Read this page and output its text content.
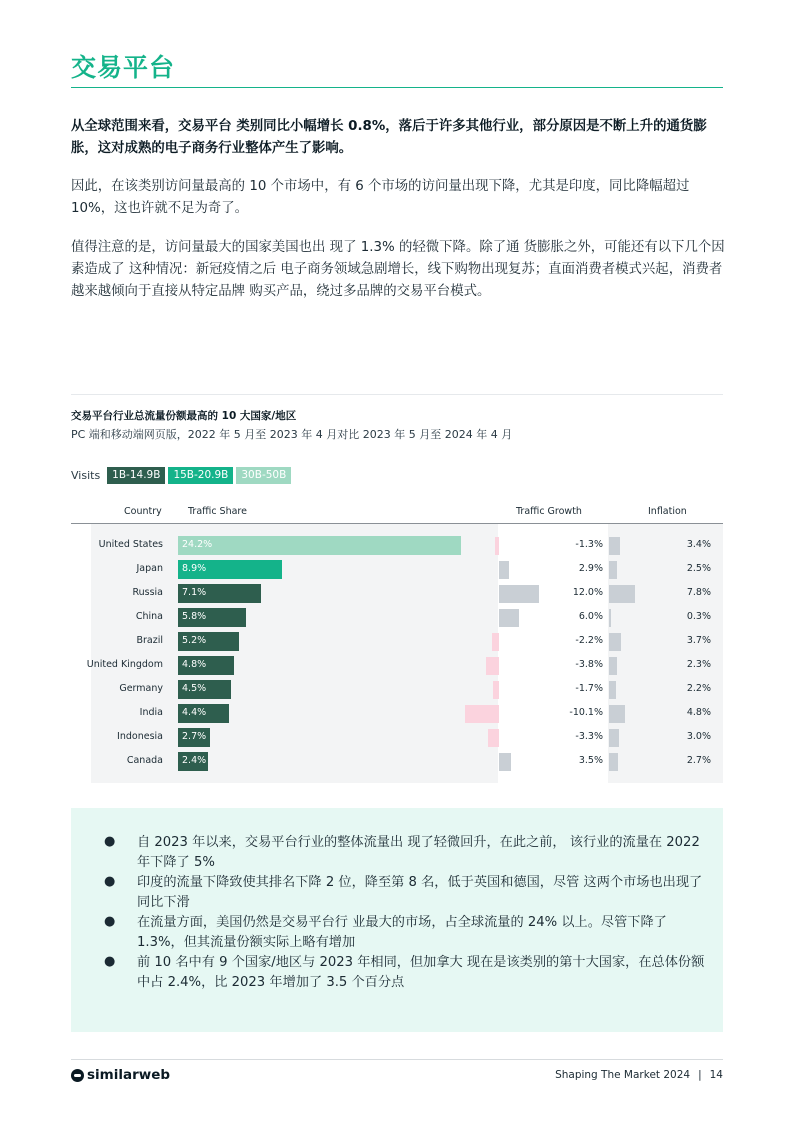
交易平台
从全球范围来看，交易平台 类别同比小幅增长 0.8%，落后于许多其他行业，部分原因是不断上升的通货膨胀，这对成熟的电子商务行业整体产生了影响。
因此，在该类别访问量最高的 10 个市场中，有 6 个市场的访问量出现下降，尤其是印度，同比降幅超过 10%，这也许就不足为奇了。
值得注意的是，访问量最大的国家美国也出 现了 1.3% 的轻微下降。除了通 货膨胀之外，可能还有以下几个因素造成了 这种情况：新冠疫情之后 电子商务领域急剧增长，线下购物出现复苏；直面消费者模式兴起，消费者越来越倾向于直接从特定品牌 购买产品，绕过多品牌的交易平台模式。
交易平台行业总流量份额最高的 10 大国家/地区
PC 端和移动端网页版，2022 年 5 月至 2023 年 4 月对比 2023 年 5 月至 2024 年 4 月
Visits	1B-14.9B	15B-20.9B	30B-50B
Country	Traffic Share	Traffic Growth	Inflation
United States 24.2%	-1.3%	3.4%
Japan 8.9%	2.9%	2.5%
Russia 7.1%	12.0%	7.8%
China 5.8%	6.0%	0.3%
Brazil 5.2%	-2.2%	3.7%
United Kingdom 4.8%	-3.8%	2.3%
Germany 4.5%	-1.7%	2.2%
India 4.4%	-10.1%	4.8%
Indonesia 2.7%	-3.3%	3.0%
Canada 2.4%	3.5%	2.7%
● 自 2023 年以来，交易平台行业的整体流量出 现了轻微回升，在此之前， 该行业的流量在 2022 年下降了 5%
● 印度的流量下降致使其排名下降 2 位，降至第 8 名，低于英国和德国，尽管 这两个市场也出现了同比下滑
● 在流量方面，美国仍然是交易平台行 业最大的市场，占全球流量的 24% 以上。尽管下降了 1.3%，但其流量份额实际上略有增加
● 前 10 名中有 9 个国家/地区与 2023 年相同，但加拿大 现在是该类别的第十大国家，在总体份额中占 2.4%，比 2023 年增加了 3.5 个百分点
similarweb	Shaping The Market 2024 | 14
